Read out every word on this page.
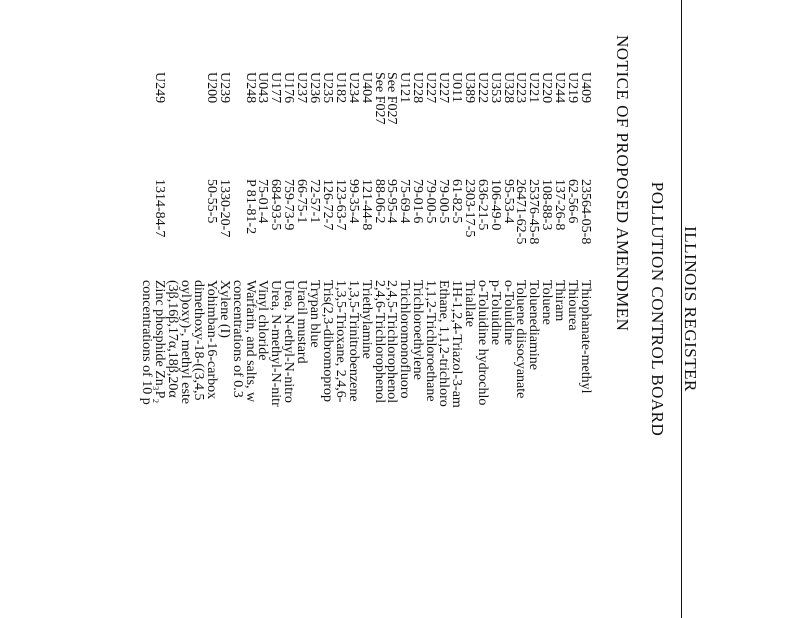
ILLINOIS REGISTER
POLLUTION CONTROL BOARD
NOTICE OF PROPOSED AMENDMEN
U409
23564-05-8
Thiophanate-methyl
U219
62-56-6
Thiourea
U244
137-26-8
Thiram
U220
108-88-3
Toluene
U221
25376-45-8
Toluenediamine
U223
26471-62-5
Toluene diisocyanate
U328
95-53-4
o-Toluidine
U353
106-49-0
p-Toluidine
U222
636-21-5
o-Toluidine hydrochlo
U389
2303-17-5
Triallate
U011
61-82-5
1H-1,2,4-Triazol-3-am
U227
79-00-5
Ethane, 1,1,2-trichloro
U227
79-00-5
1,1,2-Trichloroethane
U228
79-01-6
Trichloroethylene
U121
75-69-4
Trichloromonofluoro
See F027
95-95-4
2,4,5-Trichlorophenol
See F027
88-06-2
2,4,6-Trichlorophenol
U404
121-44-8
Triethylamine
U234
99-35-4
1,3,5-Trinitrobenzene
U182
123-63-7
1,3,5-Trioxane, 2,4,6-
U235
126-72-7
Tris(2,3-dibromoprop
U236
72-57-1
Trypan blue
U237
66-75-1
Uracil mustard
U176
759-73-9
Urea, N-ethyl-N-nitro
U177
684-93-5
Urea, N-methyl-N-nitr
U043
75-01-4
Vinyl chloride
U248
P 81-81-2
Warfarin, and salts, w
concentrations of 0.3
U239
1330-20-7
Xylene (I)
U200
50-55-5
Yohimban-16-carbox
dimethoxy-18-((3,4,5
oyl)oxy)-, methyl este
(3β,16β,17α,18β,20α
U249
1314-84-7
Zinc phosphide Zn₃P₂
concentrations of 10 p
